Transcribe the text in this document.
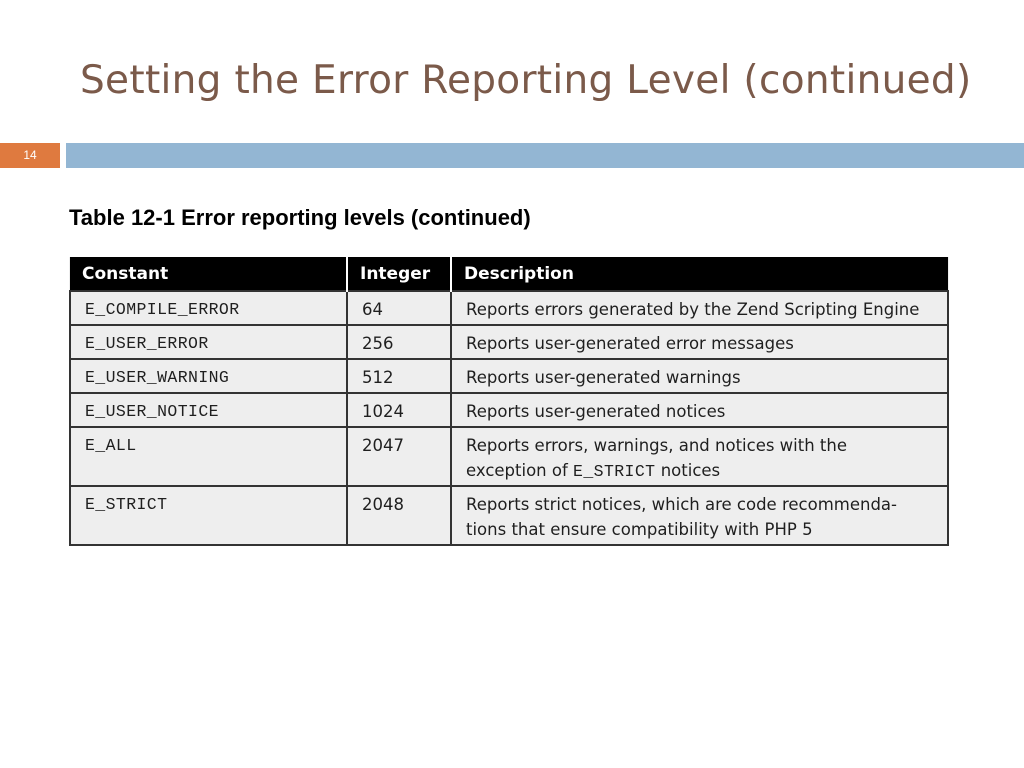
Setting the Error Reporting Level (continued)
14

Table 12-1 Error reporting levels (continued)

Constant	Integer	Description
E_COMPILE_ERROR	64	Reports errors generated by the Zend Scripting Engine
E_USER_ERROR	256	Reports user-generated error messages
E_USER_WARNING	512	Reports user-generated warnings
E_USER_NOTICE	1024	Reports user-generated notices
E_ALL	2047	Reports errors, warnings, and notices with the
exception of E_STRICT notices
E_STRICT	2048	Reports strict notices, which are code recommenda-
tions that ensure compatibility with PHP 5
